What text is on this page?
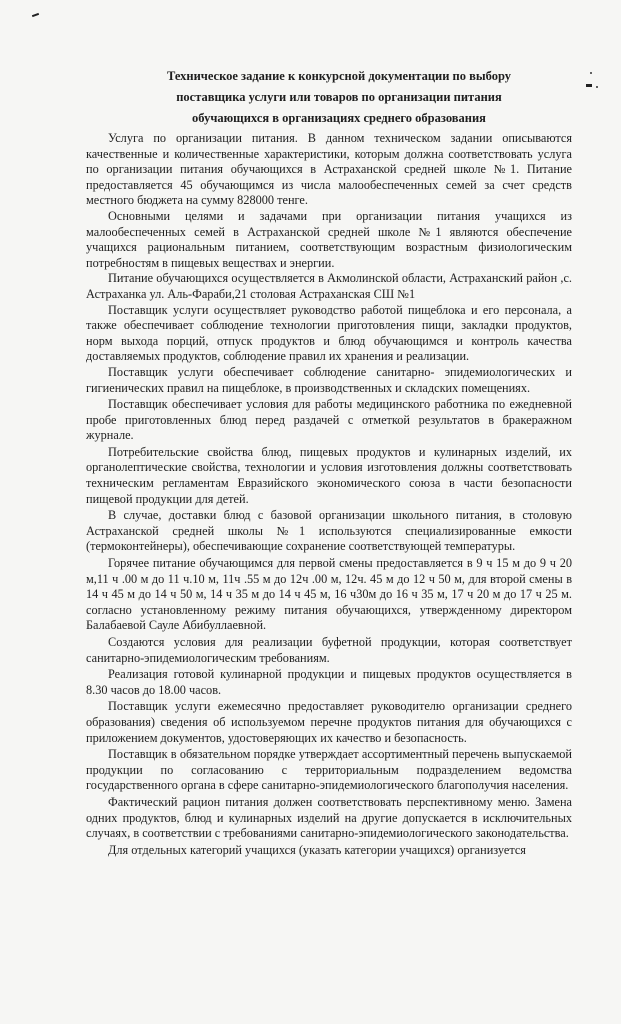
Техническое задание к конкурсной документации по выбору
поставщика услуги или товаров по организации питания
обучающихся в организациях среднего образования

Услуга по организации питания. В данном техническом задании описываются качественные и количественные характеристики, которым должна соответствовать услуга по организации питания обучающихся в Астраханской средней школе №1. Питание предоставляется 45 обучающимся из числа малообеспеченных семей за счет средств местного бюджета на сумму 828000 тенге.

Основными целями и задачами при организации питания учащихся из малообеспеченных семей в Астраханской средней школе №1 являются обеспечение учащихся рациональным питанием, соответствующим возрастным физиологическим потребностям в пищевых веществах и энергии.

Питание обучающихся осуществляется в Акмолинской области, Астраханский район ,с. Астраханка ул. Аль-Фараби,21 столовая Астраханская СШ №1

Поставщик услуги осуществляет руководство работой пищеблока и его персонала, а также обеспечивает соблюдение технологии приготовления пищи, закладки продуктов, норм выхода порций, отпуск продуктов и блюд обучающимся и контроль качества доставляемых продуктов, соблюдение правил их хранения и реализации.

Поставщик услуги обеспечивает соблюдение санитарно- эпидемиологических и гигиенических правил на пищеблоке, в производственных и складских помещениях.

Поставщик обеспечивает условия для работы медицинского работника по ежедневной пробе приготовленных блюд перед раздачей с отметкой результатов в бракеражном журнале.

Потребительские свойства блюд, пищевых продуктов и кулинарных изделий, их органолептические свойства, технологии и условия изготовления должны соответствовать техническим регламентам Евразийского экономического союза в части безопасности пищевой продукции для детей.

В случае, доставки блюд с базовой организации школьного питания, в столовую Астраханской средней школы №1 используются специализированные емкости (термоконтейнеры), обеспечивающие сохранение соответствующей температуры.

Горячее питание обучающимся для первой смены предоставляется в 9 ч 15 м до 9 ч 20 м,11 ч .00 м до 11 ч.10 м, 11ч .55 м до 12ч .00 м, 12ч. 45 м до 12 ч 50 м, для второй смены в 14 ч 45 м до 14 ч 50 м, 14 ч 35 м до 14 ч 45 м, 16 ч30м до 16 ч 35 м, 17 ч 20 м до 17 ч 25 м. согласно установленному режиму питания обучающихся, утвержденному директором Балабаевой Сауле Абибуллаевной.

Создаются условия для реализации буфетной продукции, которая соответствует санитарно-эпидемиологическим требованиям.

Реализация готовой кулинарной продукции и пищевых продуктов осуществляется в 8.30 часов до 18.00 часов.

Поставщик услуги ежемесячно предоставляет руководителю организации среднего образования) сведения об используемом перечне продуктов питания для обучающихся с приложением документов, удостоверяющих их качество и безопасность.

Поставщик в обязательном порядке утверждает ассортиментный перечень выпускаемой продукции по согласованию с территориальным подразделением ведомства государственного органа в сфере санитарно-эпидемиологического благополучия населения.

Фактический рацион питания должен соответствовать перспективному меню. Замена одних продуктов, блюд и кулинарных изделий на другие допускается в исключительных случаях, в соответствии с требованиями санитарно-эпидемиологического законодательства.

Для отдельных категорий учащихся (указать категории учащихся) организуется
